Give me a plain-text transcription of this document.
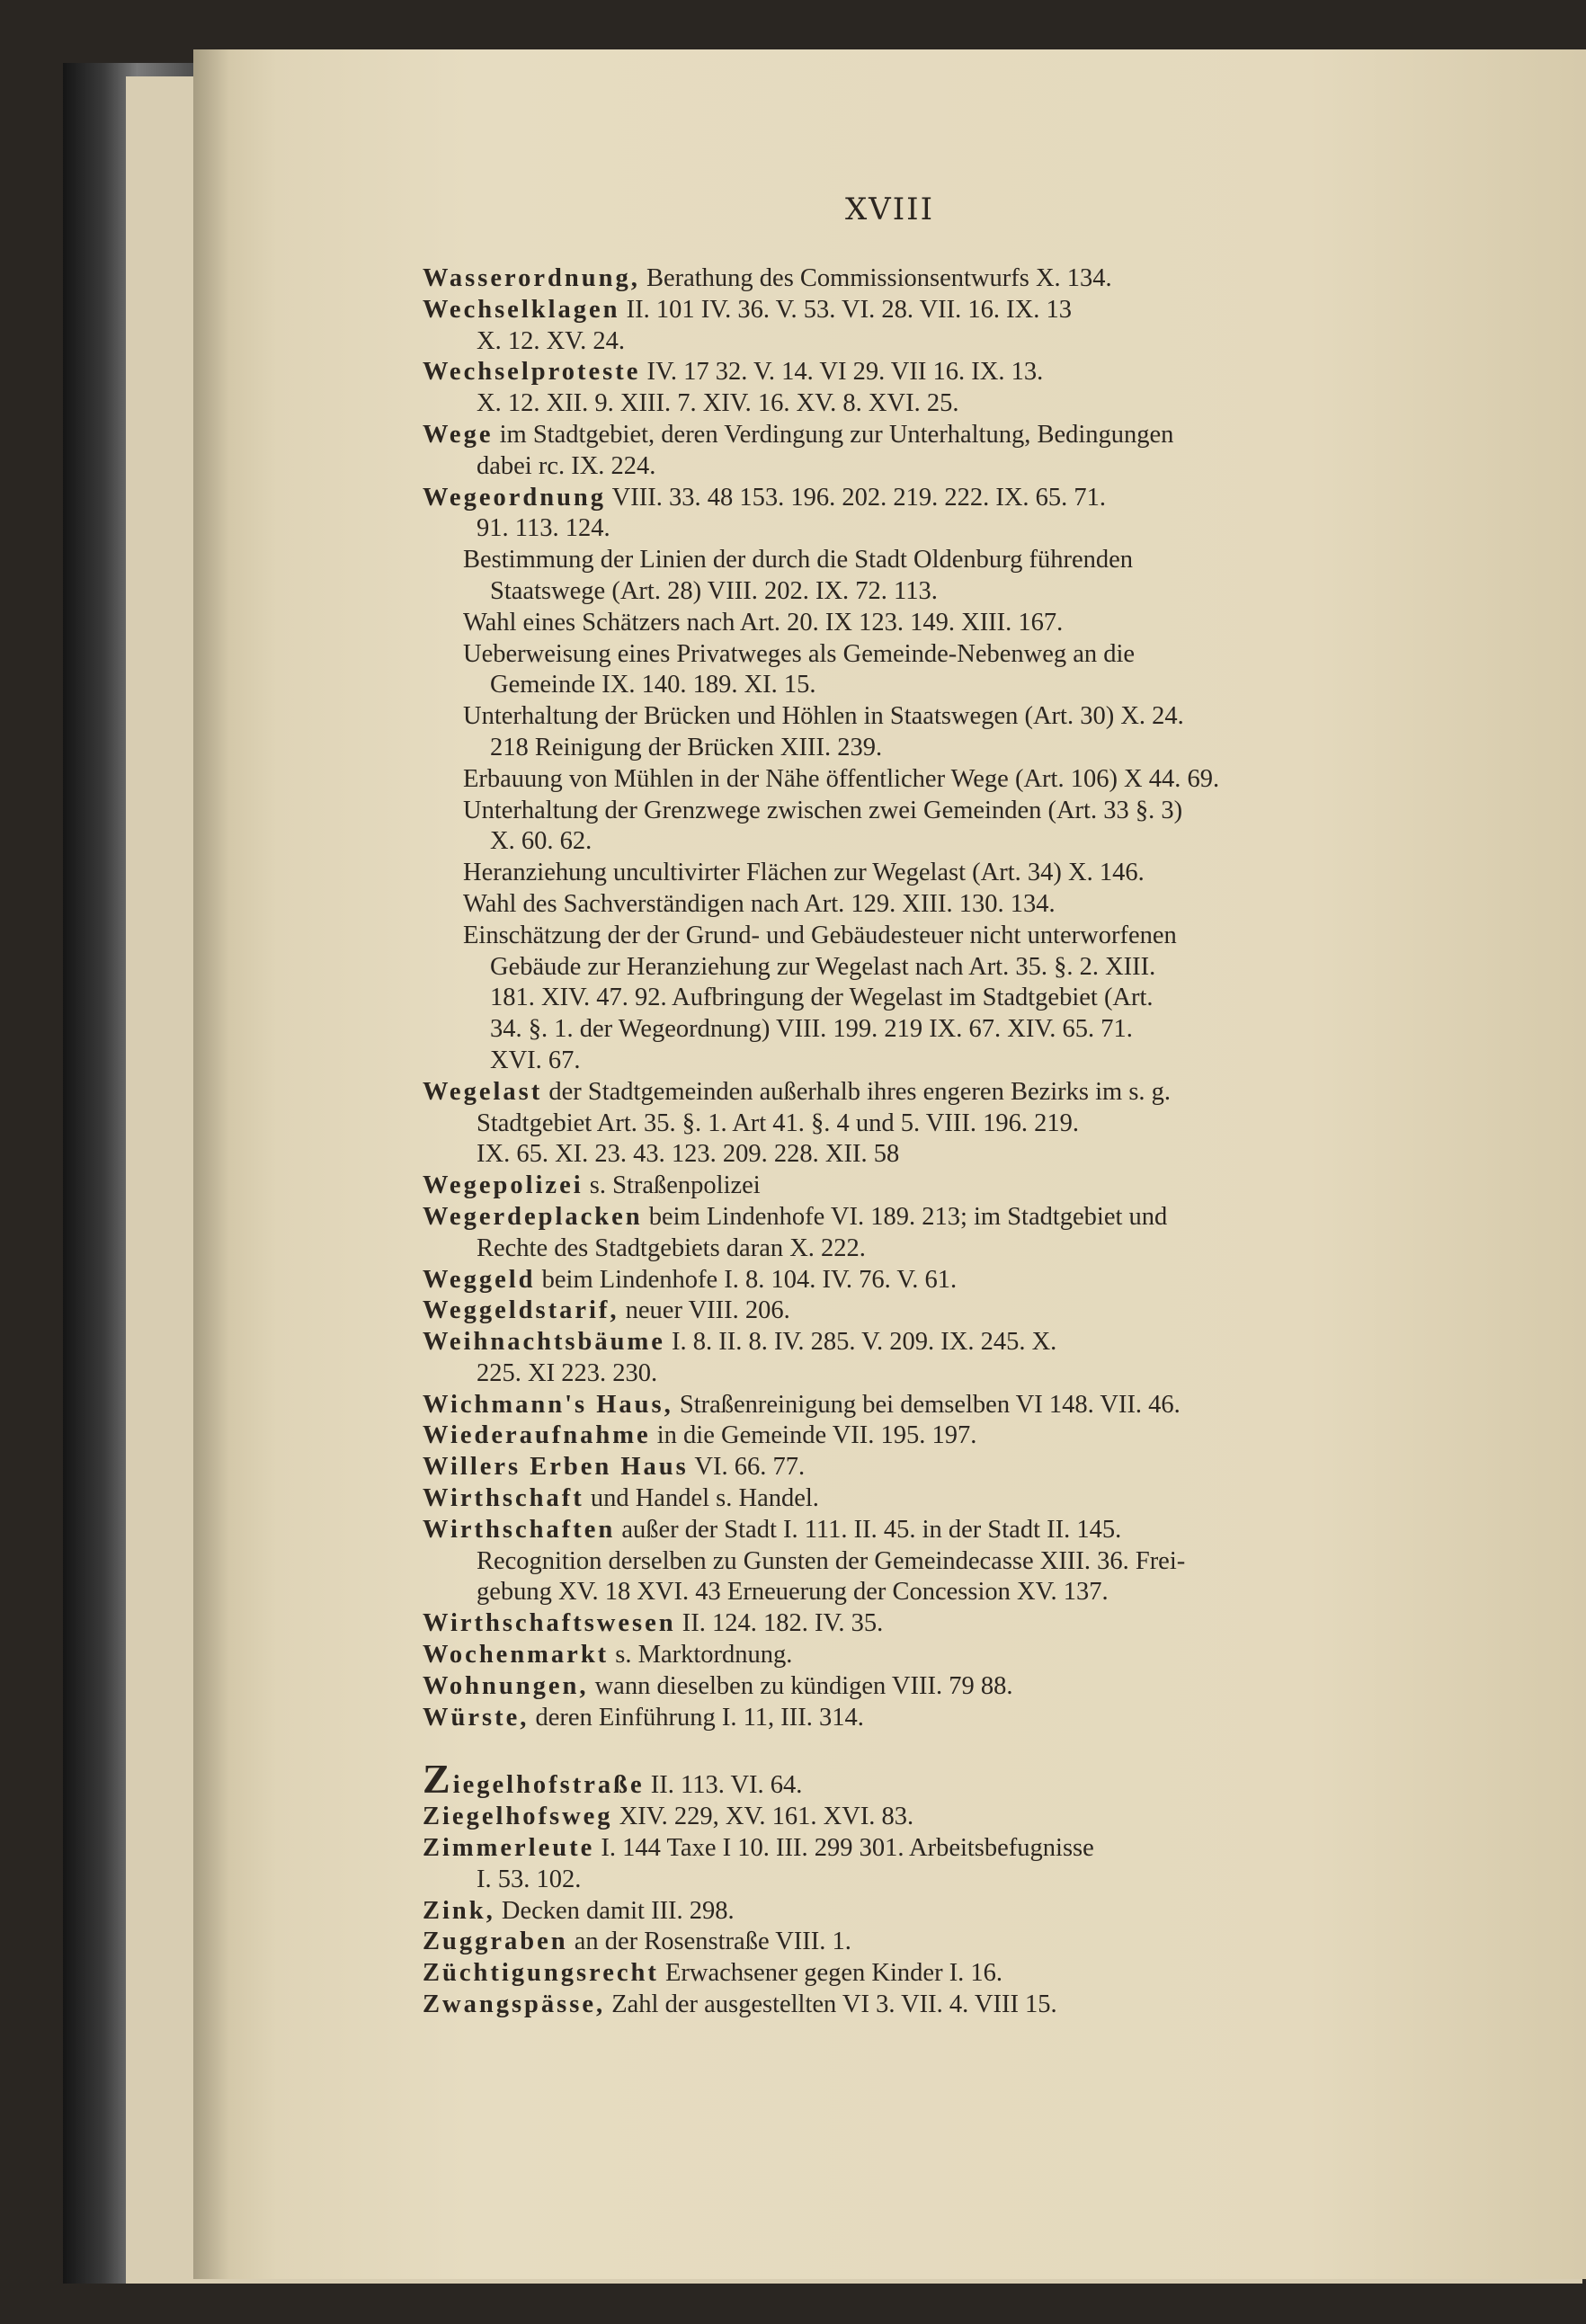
XVIII

Wasserordnung, Berathung des Commissionsentwurfs X. 134.

Wechselklagen II. 101 IV. 36. V. 53. VI. 28. VII. 16. IX. 13
X. 12. XV. 24.

Wechselproteste IV. 17 32. V. 14. VI 29. VII 16. IX. 13.
X. 12. XII. 9. XIII. 7. XIV. 16. XV. 8. XVI. 25.

Wege im Stadtgebiet, deren Verdingung zur Unterhaltung, Bedingungen
dabei rc. IX. 224.

Wegeordnung VIII. 33. 48 153. 196. 202. 219. 222. IX. 65. 71.
91. 113. 124.

Bestimmung der Linien der durch die Stadt Oldenburg führenden
Staatswege (Art. 28) VIII. 202. IX. 72. 113.

Wahl eines Schätzers nach Art. 20. IX 123. 149. XIII. 167.

Ueberweisung eines Privatweges als Gemeinde-Nebenweg an die
Gemeinde IX. 140. 189. XI. 15.

Unterhaltung der Brücken und Höhlen in Staatswegen (Art. 30) X. 24.
218 Reinigung der Brücken XIII. 239.

Erbauung von Mühlen in der Nähe öffentlicher Wege (Art. 106) X 44. 69.

Unterhaltung der Grenzwege zwischen zwei Gemeinden (Art. 33 §. 3)
X. 60. 62.

Heranziehung uncultivirter Flächen zur Wegelast (Art. 34) X. 146.

Wahl des Sachverständigen nach Art. 129. XIII. 130. 134.

Einschätzung der der Grund- und Gebäudesteuer nicht unterworfenen
Gebäude zur Heranziehung zur Wegelast nach Art. 35. §. 2. XIII.
181. XIV. 47. 92. Aufbringung der Wegelast im Stadtgebiet (Art.
34. §. 1. der Wegeordnung) VIII. 199. 219 IX. 67. XIV. 65. 71.
XVI. 67.

Wegelast der Stadtgemeinden außerhalb ihres engeren Bezirks im s. g.
Stadtgebiet Art. 35. §. 1. Art 41. §. 4 und 5. VIII. 196. 219.
IX. 65. XI. 23. 43. 123. 209. 228. XII. 58

Wegepolizei s. Straßenpolizei

Wegerdeplacken beim Lindenhofe VI. 189. 213; im Stadtgebiet und
Rechte des Stadtgebiets daran X. 222.

Weggeld beim Lindenhofe I. 8. 104. IV. 76. V. 61.

Weggeldstarif, neuer VIII. 206.

Weihnachtsbäume I. 8. II. 8. IV. 285. V. 209. IX. 245. X.
225. XI 223. 230.

Wichmann's Haus, Straßenreinigung bei demselben VI 148. VII. 46.

Wiederaufnahme in die Gemeinde VII. 195. 197.

Willers Erben Haus VI. 66. 77.

Wirthschaft und Handel s. Handel.

Wirthschaften außer der Stadt I. 111. II. 45. in der Stadt II. 145.
Recognition derselben zu Gunsten der Gemeindecasse XIII. 36. Frei-
gebung XV. 18 XVI. 43 Erneuerung der Concession XV. 137.

Wirthschaftswesen II. 124. 182. IV. 35.

Wochenmarkt s. Marktordnung.

Wohnungen, wann dieselben zu kündigen VIII. 79 88.

Würste, deren Einführung I. 11, III. 314.

Ziegelhofstraße II. 113. VI. 64.

Ziegelhofsweg XIV. 229, XV. 161. XVI. 83.

Zimmerleute I. 144 Taxe I 10. III. 299 301. Arbeitsbefugnisse
I. 53. 102.

Zink, Decken damit III. 298.

Zuggraben an der Rosenstraße VIII. 1.

Züchtigungsrecht Erwachsener gegen Kinder I. 16.

Zwangspässe, Zahl der ausgestellten VI 3. VII. 4. VIII 15.
